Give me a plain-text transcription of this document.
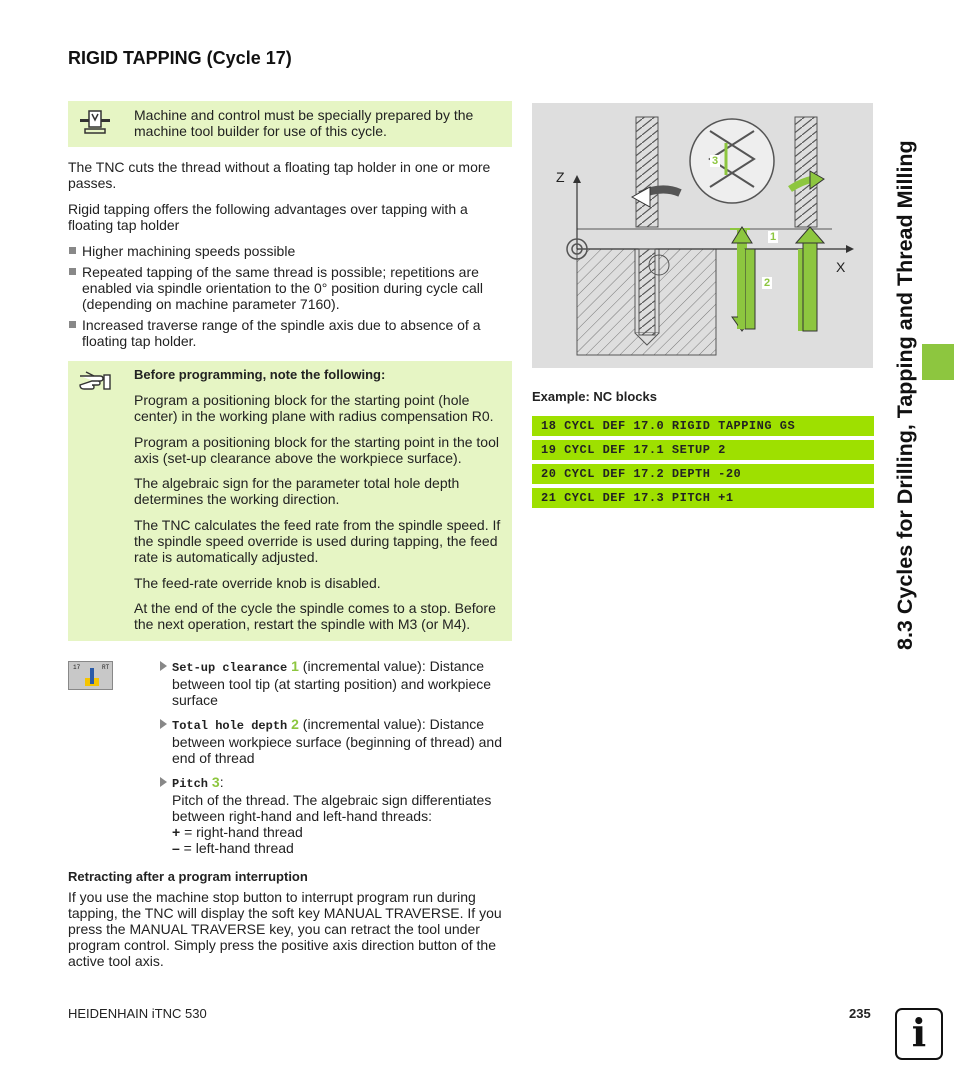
RIGID TAPPING (Cycle 17)

Machine and control must be specially prepared by the machine tool builder for use of this cycle.

The TNC cuts the thread without a floating tap holder in one or more passes.

Rigid tapping offers the following advantages over tapping with a floating tap holder

Higher machining speeds possible

Repeated tapping of the same thread is possible; repetitions are enabled via spindle orientation to the 0° position during cycle call (depending on machine parameter 7160).

Increased traverse range of the spindle axis due to absence of a floating tap holder.

Before programming, note the following:

Program a positioning block for the starting point (hole center) in the working plane with radius compensation R0.

Program a positioning block for the starting point in the tool axis (set-up clearance above the workpiece surface).

The algebraic sign for the parameter total hole depth determines the working direction.

The TNC calculates the feed rate from the spindle speed. If the spindle speed override is used during tapping, the feed rate is automatically adjusted.

The feed-rate override knob is disabled.

At the end of the cycle the spindle comes to a stop. Before the next operation, restart the spindle with M3 (or M4).

17	RT	Set-up clearance 1 (incremental value): Distance between tool tip (at starting position) and workpiece surface

Total hole depth 2 (incremental value): Distance between workpiece surface (beginning of thread) and end of thread

Pitch 3:

Pitch of the thread. The algebraic sign differentiates between right-hand and left-hand threads:

+ = right-hand thread

– = left-hand thread

Retracting after a program interruption

If you use the machine stop button to interrupt program run during tapping, the TNC will display the soft key MANUAL TRAVERSE. If you press the MANUAL TRAVERSE key, you can retract the tool under program control. Simply press the positive axis direction button of the active tool axis.

Z
X
1
2
3

Example: NC blocks

18 CYCL DEF 17.0 RIGID TAPPING GS
19 CYCL DEF 17.1 SETUP 2
20 CYCL DEF 17.2 DEPTH -20
21 CYCL DEF 17.3 PITCH +1	8.3 Cycles for Drilling, Tapping and Thread Milling

HEIDENHAIN iTNC 530	235	i
